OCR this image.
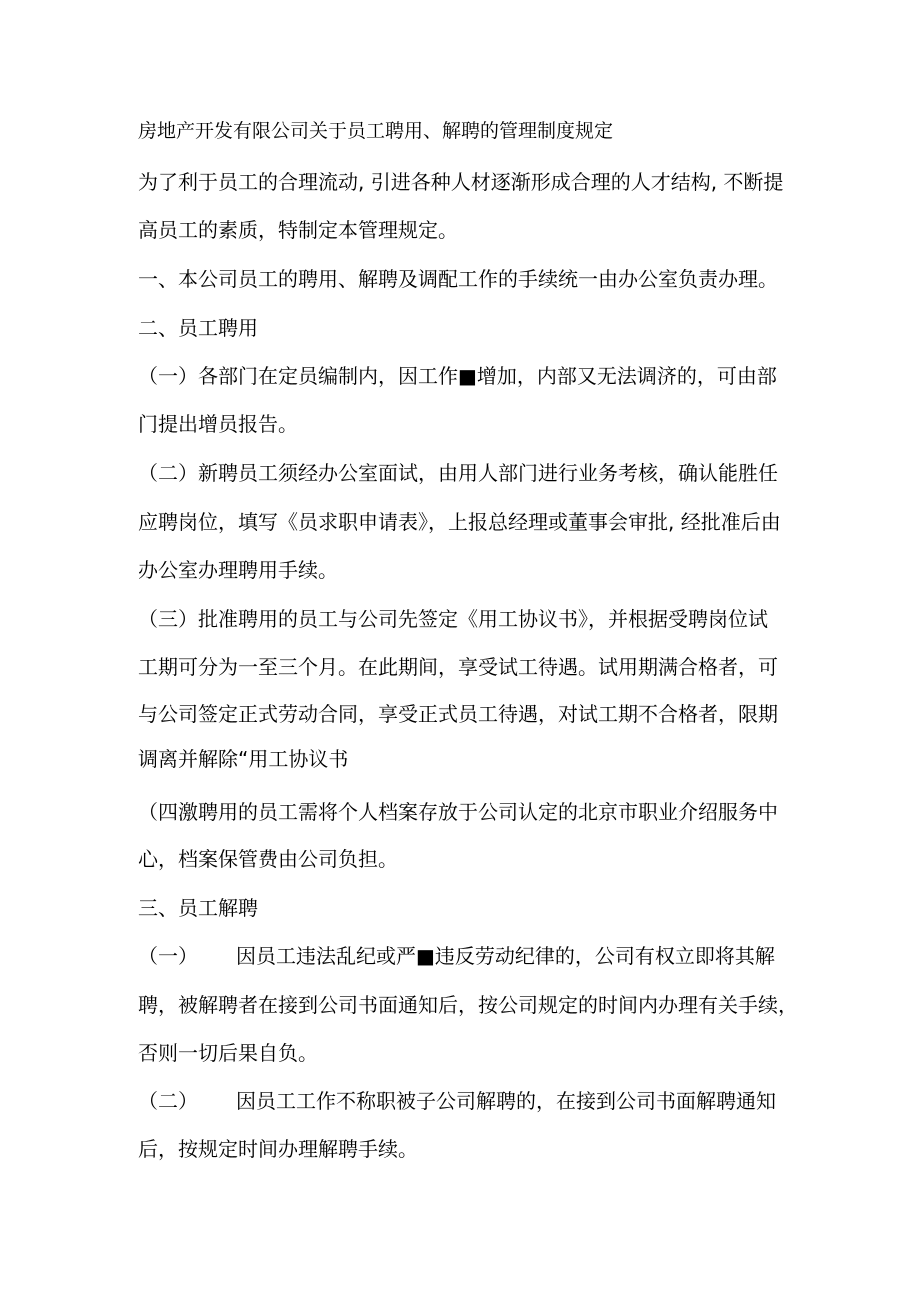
房地产开发有限公司关于员工聘用、解聘的管理制度规定
为了利于员工的合理流动, 引进各种人材逐渐形成合理的人才结构, 不断提
高员工的素质，特制定本管理规定。
一、本公司员工的聘用、解聘及调配工作的手续统一由办公室负责办理。
二、员工聘用
（一）各部门在定员编制内，因工作■增加，内部又无法调济的，可由部
门提出增员报告。
（二）新聘员工须经办公室面试，由用人部门进行业务考核，确认能胜任
应聘岗位，填写《员求职申请表》，上报总经理或董事会审批, 经批准后由
办公室办理聘用手续。
（三）批准聘用的员工与公司先签定《用工协议书》，并根据受聘岗位试
工期可分为一至三个月。在此期间，享受试工待遇。试用期满合格者，可
与公司签定正式劳动合同，享受正式员工待遇，对试工期不合格者，限期
调离并解除“用工协议书
（四激聘用的员工需将个人档案存放于公司认定的北京市职业介绍服务中
心，档案保管费由公司负担。
三、员工解聘
（一） 因员工违法乱纪或严■违反劳动纪律的，公司有权立即将其解
聘，被解聘者在接到公司书面通知后，按公司规定的时间内办理有关手续，
否则一切后果自负。
（二） 因员工工作不称职被子公司解聘的，在接到公司书面解聘通知
后，按规定时间办理解聘手续。
